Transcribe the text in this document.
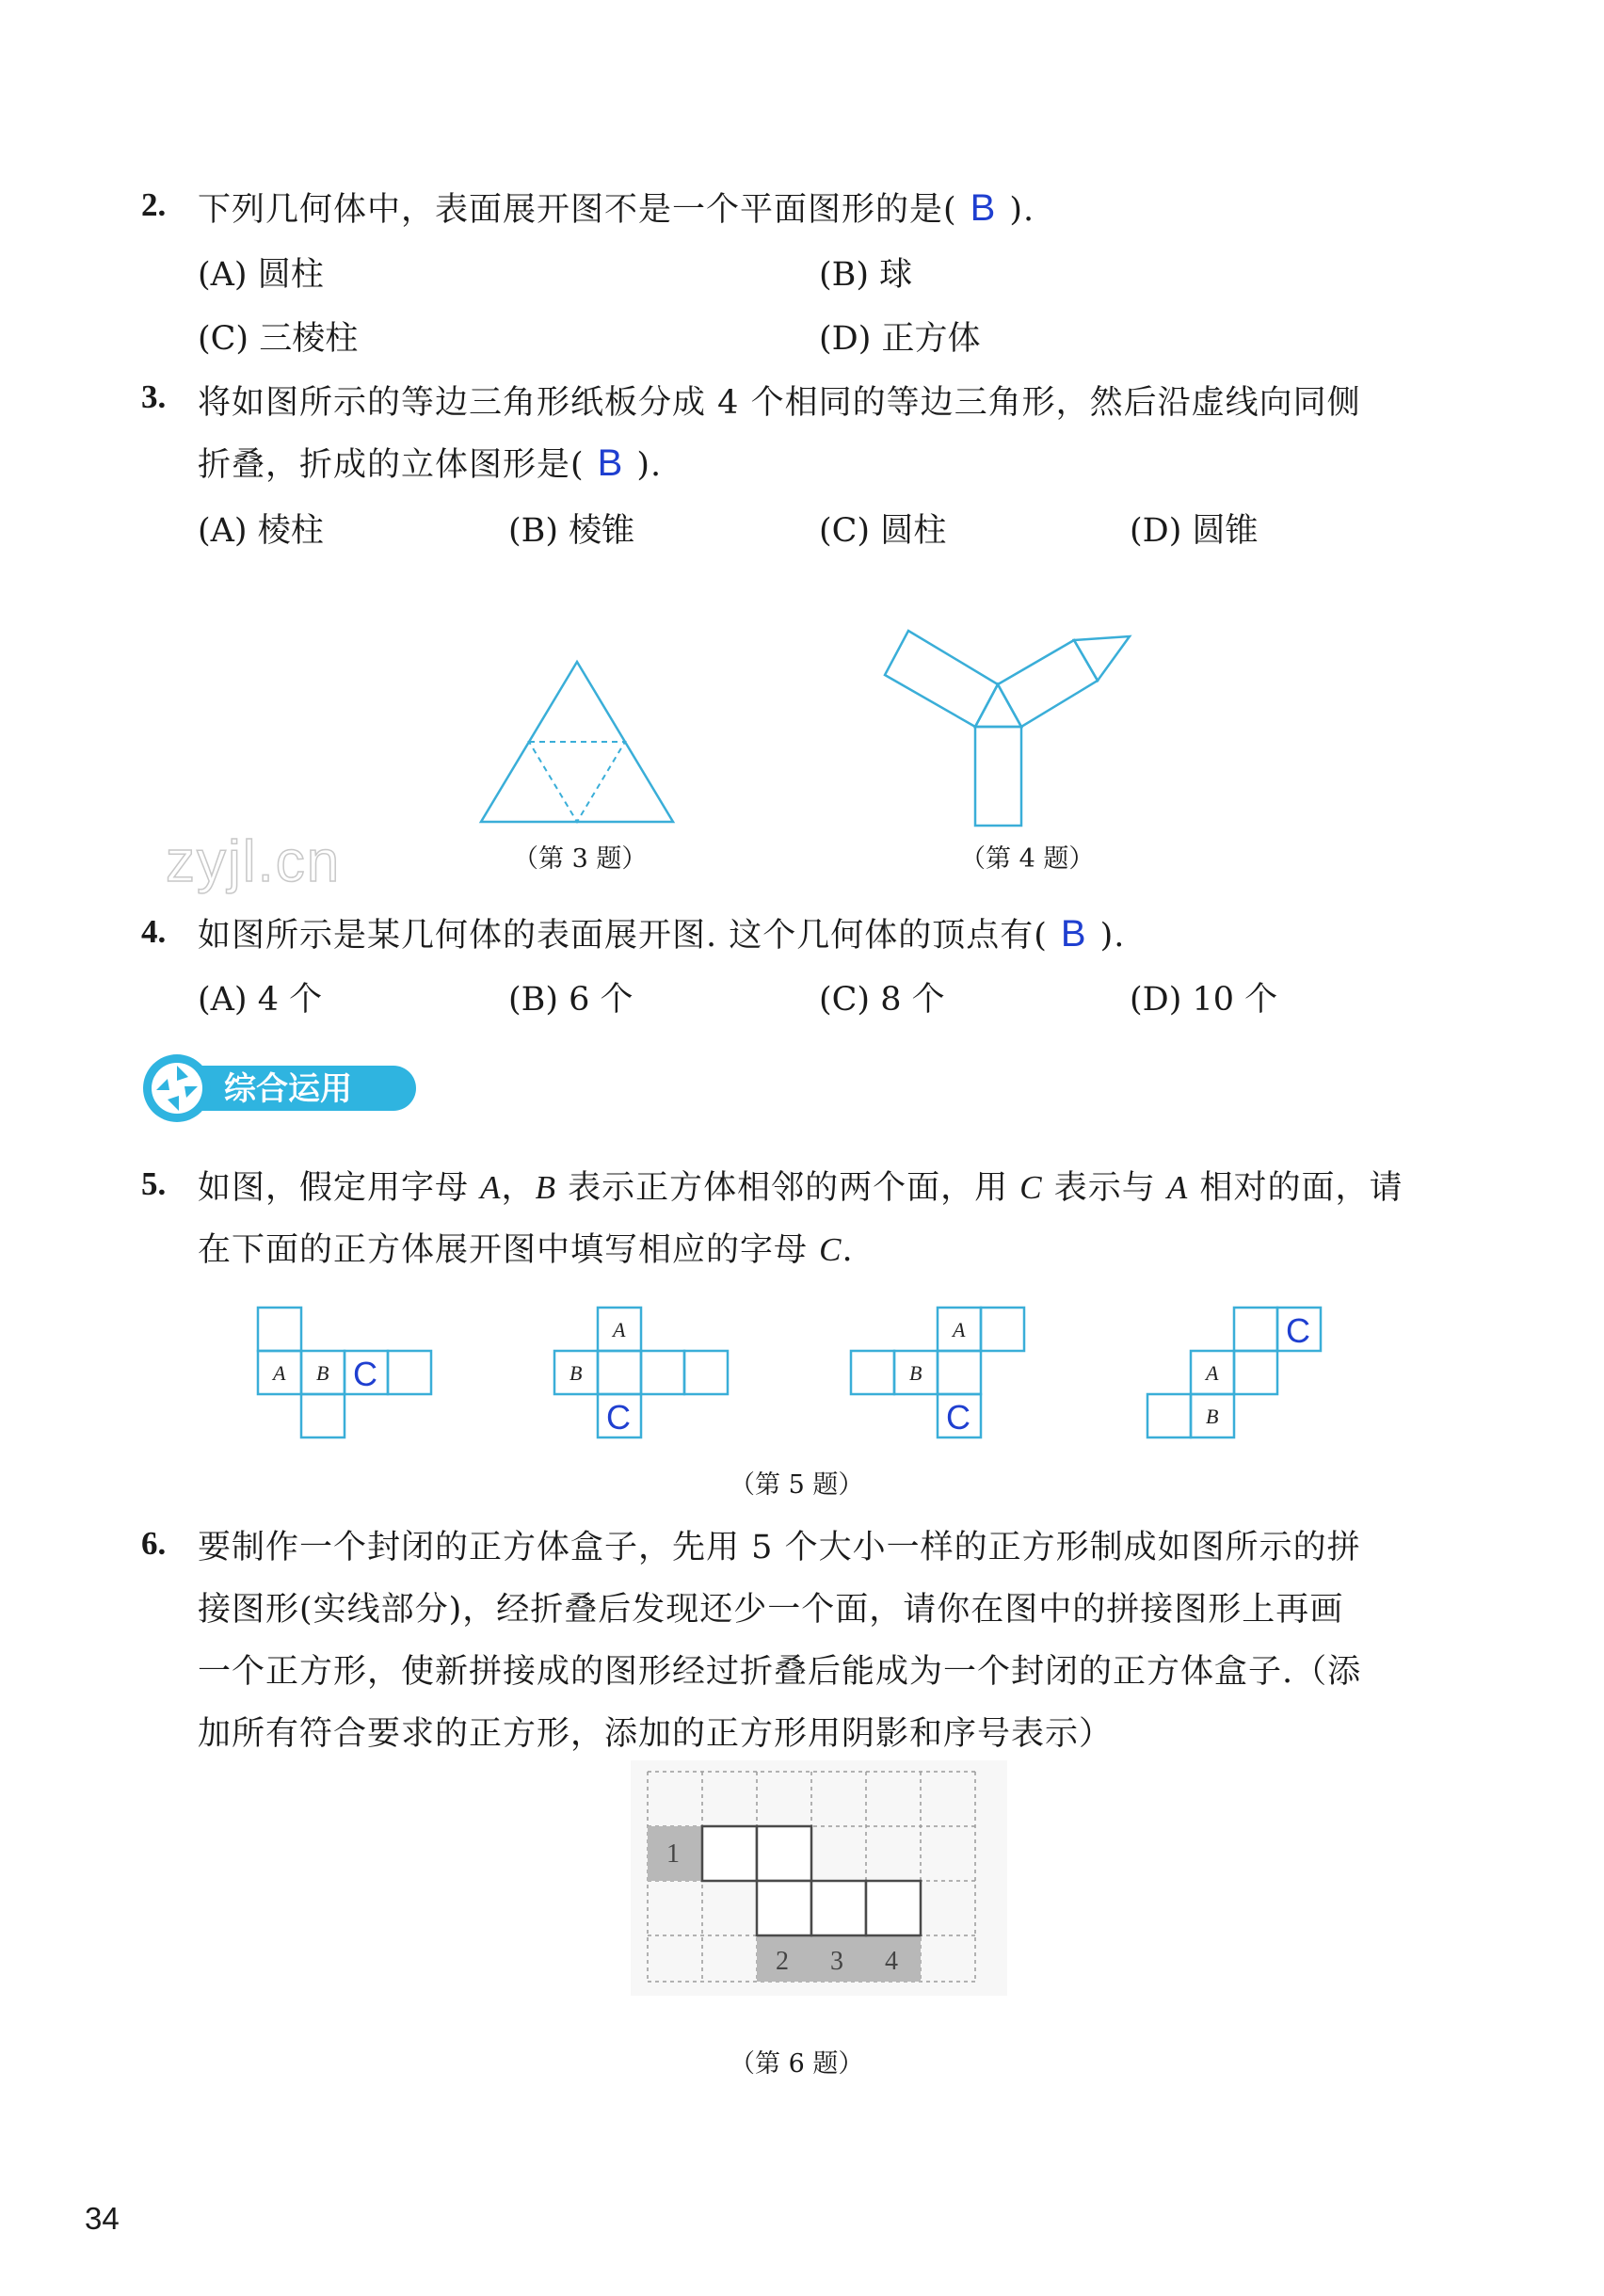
2. 下列几何体中，表面展开图不是一个平面图形的是( B ).
(A) 圆柱	(B) 球
(C) 三棱柱	(D) 正方体
3. 将如图所示的等边三角形纸板分成 4 个相同的等边三角形，然后沿虚线向同侧
折叠，折成的立体图形是( B ).
(A) 棱柱	(B) 棱锥	(C) 圆柱	(D) 圆锥
（第 3 题）	（第 4 题）
zyjl.cn
4. 如图所示是某几何体的表面展开图. 这个几何体的顶点有( B ).
(A) 4 个	(B) 6 个	(C) 8 个	(D) 10 个
综合运用
5. 如图，假定用字母 A，B 表示正方体相邻的两个面，用 C 表示与 A 相对的面，请
在下面的正方体展开图中填写相应的字母 C.
A B C
A
B
C
A
B
C
C
A
B
（第 5 题）
6. 要制作一个封闭的正方体盒子，先用 5 个大小一样的正方形制成如图所示的拼
接图形(实线部分)，经折叠后发现还少一个面，请你在图中的拼接图形上再画
一个正方形，使新拼接成的图形经过折叠后能成为一个封闭的正方体盒子.（添
加所有符合要求的正方形，添加的正方形用阴影和序号表示）
1
2 3 4
（第 6 题）
34
